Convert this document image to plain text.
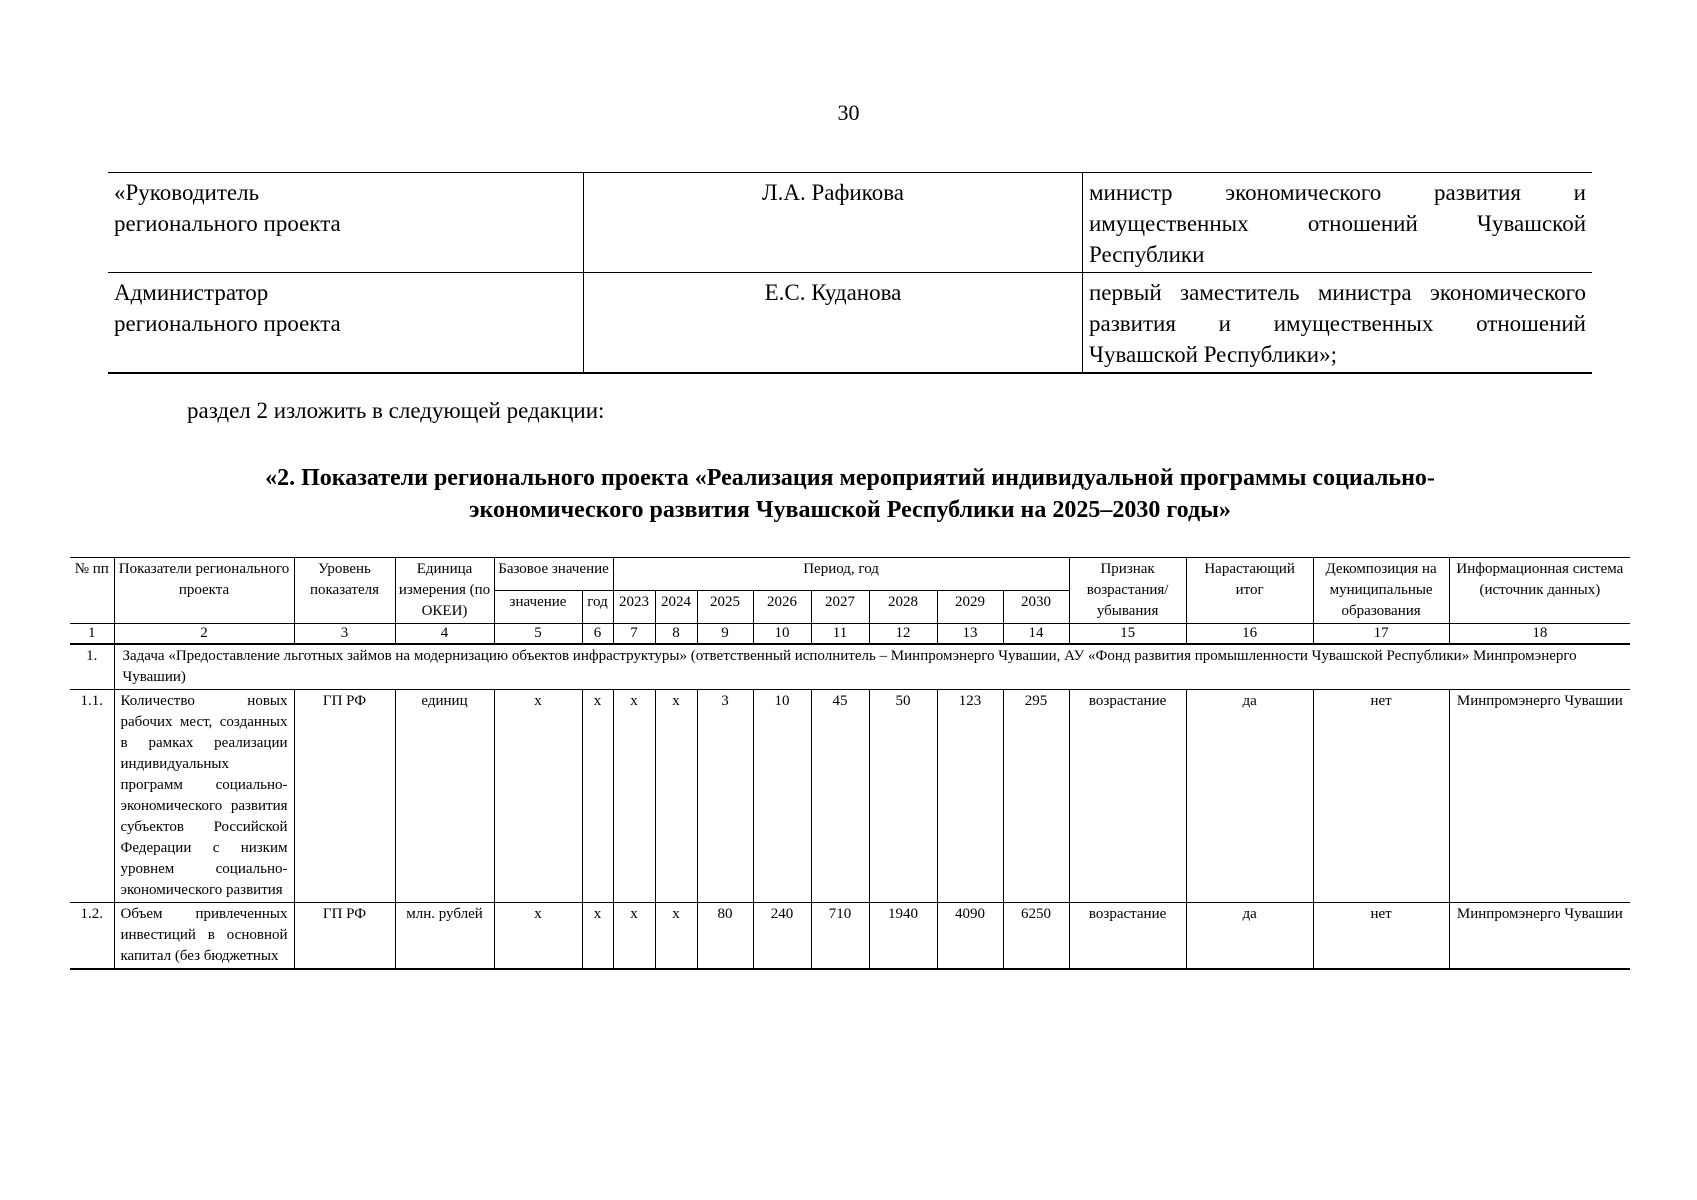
30
«Руководитель
регионального проекта	Л.А. Рафикова	министр экономического развития и имущественных отношений Чувашской Республики

Администратор
регионального проекта	Е.С. Куданова	первый заместитель министра экономического развития и имущественных отношений Чувашской Республики»;
раздел 2 изложить в следующей редакции:
«2. Показатели регионального проекта «Реализация мероприятий индивидуальной программы социально-
экономического развития Чувашской Республики на 2025–2030 годы»
№ пп	Показатели регионального проекта	Уровень показателя	Единица измерения (по ОКЕИ)	Базовое значение		Период, год								Признак возрастания/ убывания	Нарастающий итог	Декомпозиция на муниципальные образования	Информационная система (источник данных)
				значение	год	2023	2024	2025	2026	2027	2028	2029	2030				
1	2	3	4	5	6	7	8	9	10	11	12	13	14	15	16	17	18
1.	Задача «Предоставление льготных займов на модернизацию объектов инфраструктуры» (ответственный исполнитель – Минпромэнерго Чувашии, АУ «Фонд развития промышленности Чувашской Республики» Минпромэнерго Чувашии)																
1.1.	Количество новых рабочих мест, созданных в рамках реализации индивидуальных программ социально-экономического развития субъектов Российской Федерации с низким уровнем социально-экономического развития	ГП РФ	единиц	х	х	х	х	3	10	45	50	123	295	возрастание	да	нет	Минпромэнерго Чувашии
1.2.	Объем привлеченных инвестиций в основной капитал (без бюджетных	ГП РФ	млн. рублей	х	х	х	х	80	240	710	1940	4090	6250	возрастание	да	нет	Минпромэнерго Чувашии
